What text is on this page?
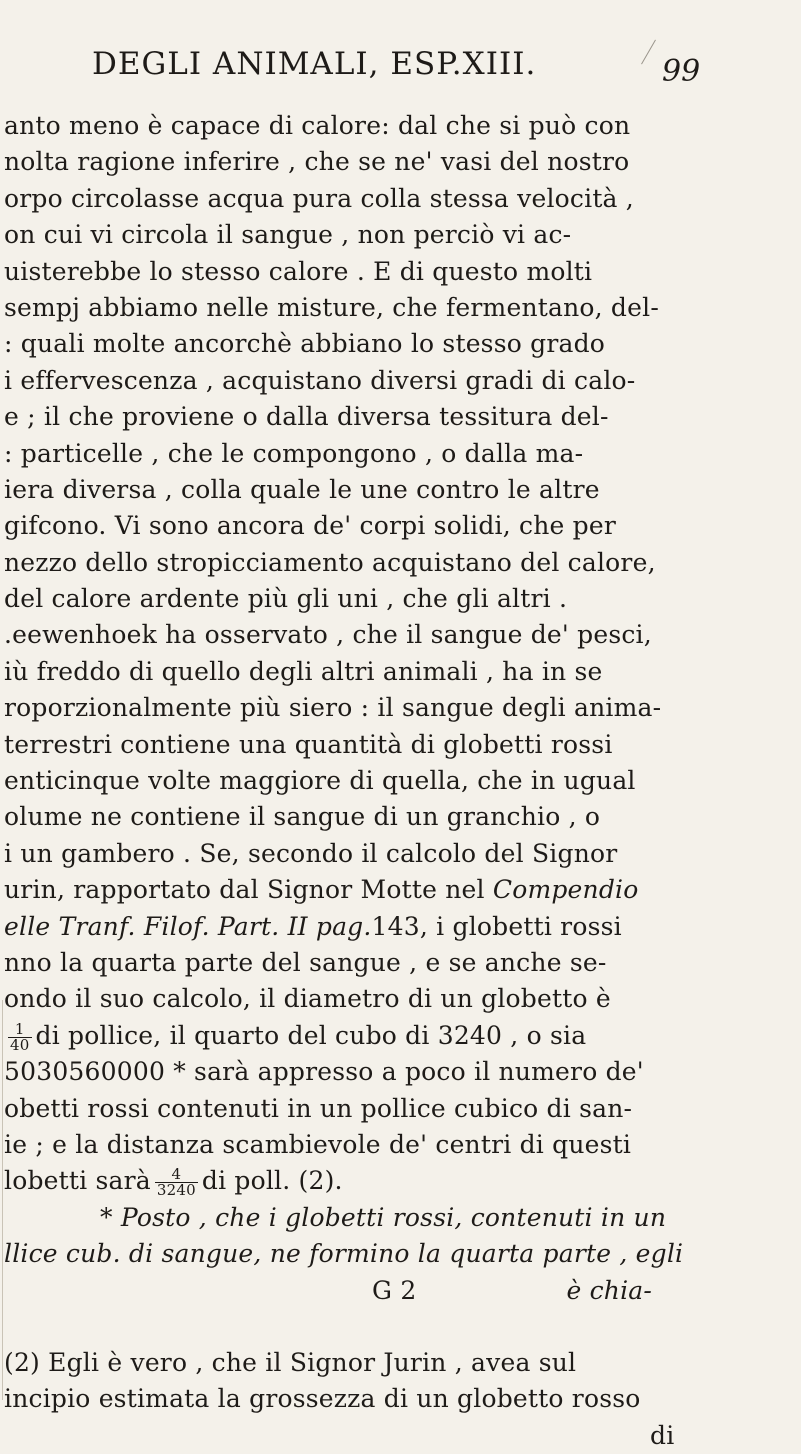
DEGLI ANIMALI, ESP.XIII.	99
anto meno è capace di calore: dal che si può con
nolta ragione inferire , che se ne' vasi del nostro
orpo circolasse acqua pura colla stessa velocità ,
on cui vi circola il sangue , non perciò vi ac-
uisterebbe lo stesso calore . E di questo molti
sempj abbiamo nelle misture, che fermentano, del-
: quali molte ancorchè abbiano lo stesso grado
i effervescenza , acquistano diversi gradi di calo-
e ; il che proviene o dalla diversa tessitura del-
: particelle , che le compongono , o dalla ma-
iera diversa , colla quale le une contro le altre
gifcono. Vi sono ancora de' corpi solidi, che per
nezzo dello stropicciamento acquistano del calore,
del calore ardente più gli uni , che gli altri .
.eewenhoek ha osservato , che il sangue de' pesci,
iù freddo di quello degli altri animali , ha in se
roporzionalmente più siero : il sangue degli anima-
terrestri contiene una quantità di globetti rossi
enticinque volte maggiore di quella, che in ugual
olume ne contiene il sangue di un granchio , o
i un gambero . Se, secondo il calcolo del Signor
urin, rapportato dal Signor Motte nel Compendio
elle Tranf. Filof. Part. II pag.143, i globetti rossi
nno la quarta parte del sangue , e se anche se-
ondo il suo calcolo, il diametro di un globetto è
$\frac{1}{40}$ di pollice, il quarto del cubo di 3240 , o sia
5030560000 * sarà appresso a poco il numero de'
obetti rossi contenuti in un pollice cubico di san-
ie ; e la distanza scambievole de' centri di questi
lobetti sarà $\frac{4}{3240}$ di poll. (2).
* Posto , che i globetti rossi, contenuti in un
llice cub. di sangue, ne formino la quarta parte , egli
G 2	è chia-
(2) Egli è vero , che il Signor Jurin , avea sul
incipio estimata la grossezza di un globetto rosso
di
